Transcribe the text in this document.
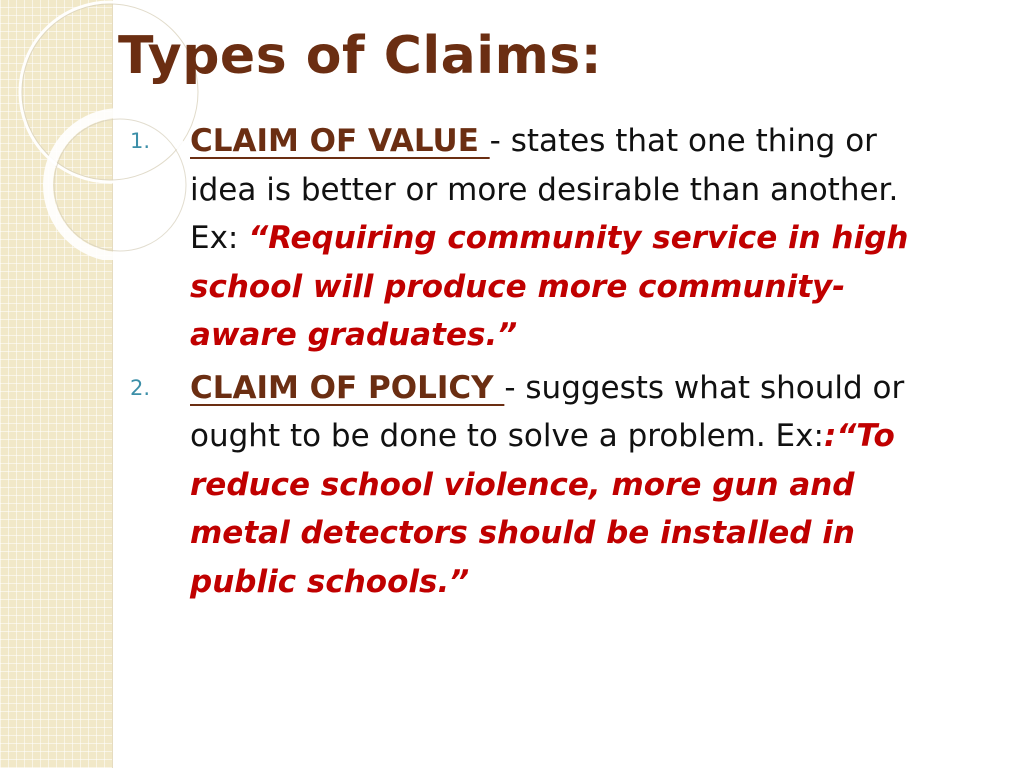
Types of Claims:
1. CLAIM OF VALUE - states that one thing or idea is better or more desirable than another. Ex: “Requiring community service in high school will produce more community-aware graduates.”
2. CLAIM OF POLICY - suggests what should or ought to be done to solve a problem. Ex::“To reduce school violence, more gun and metal detectors should be installed in public schools.”
